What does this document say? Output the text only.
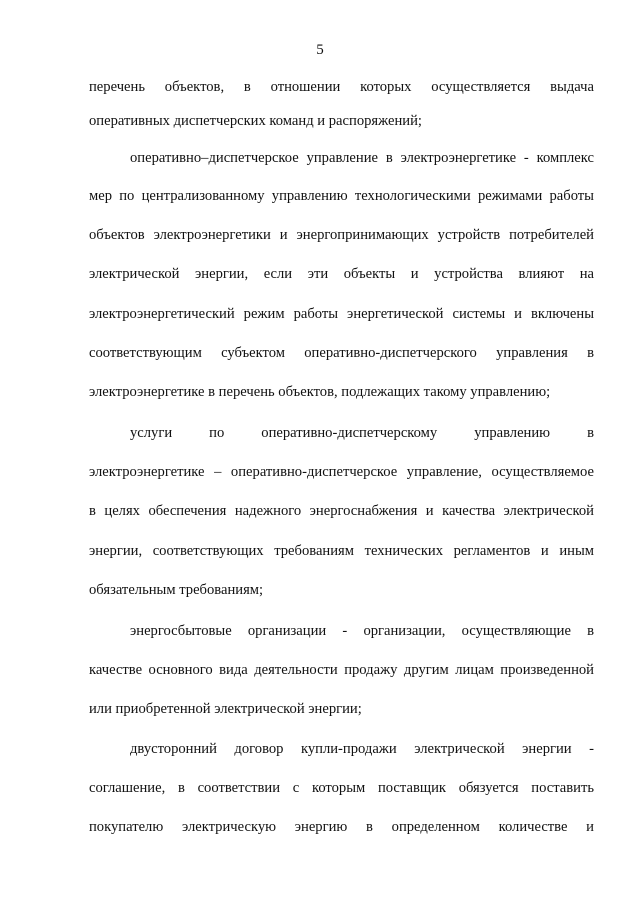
5
перечень объектов, в отношении которых осуществляется выдача
оперативных диспетчерских команд и распоряжений;
оперативно–диспетчерское управление в электроэнергетике - комплекс
мер по централизованному управлению технологическими режимами работы
объектов электроэнергетики и энергопринимающих устройств потребителей
электрической энергии, если эти объекты и устройства влияют на
электроэнергетический режим работы энергетической системы и включены
соответствующим субъектом оперативно-диспетчерского управления в
электроэнергетике в перечень объектов, подлежащих такому управлению;
услуги по оперативно-диспетчерскому управлению в
электроэнергетике – оперативно-диспетчерское управление, осуществляемое
в целях обеспечения надежного энергоснабжения и качества электрической
энергии, соответствующих требованиям технических регламентов и иным
обязательным требованиям;
энергосбытовые организации - организации, осуществляющие в
качестве основного вида деятельности продажу другим лицам произведенной
или приобретенной электрической энергии;
двусторонний договор купли-продажи электрической энергии -
соглашение, в соответствии с которым поставщик обязуется поставить
покупателю электрическую энергию в определенном количестве и
